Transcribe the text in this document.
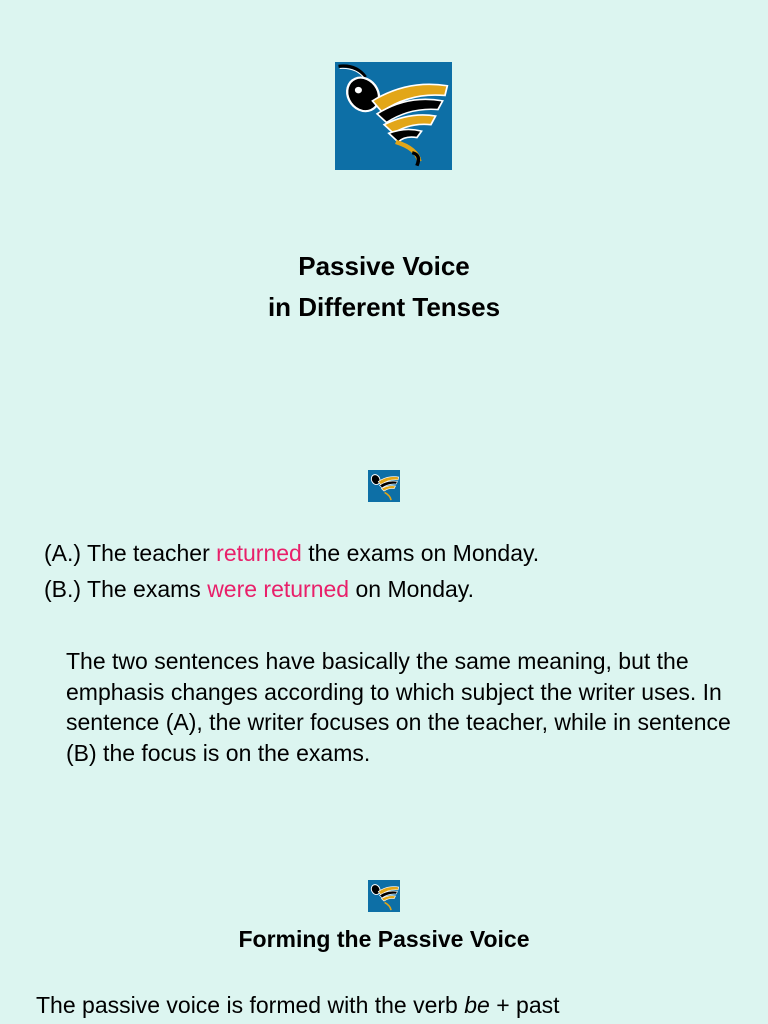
Passive Voice
in Different Tenses
(A.) The teacher returned the exams on Monday.
(B.) The exams were returned on Monday.
The two sentences have basically the same meaning, but the emphasis changes according to which subject the writer uses. In sentence (A), the writer focuses on the teacher, while in sentence (B) the focus is on the exams.
Forming the Passive Voice
The passive voice is formed with the verb be + past
